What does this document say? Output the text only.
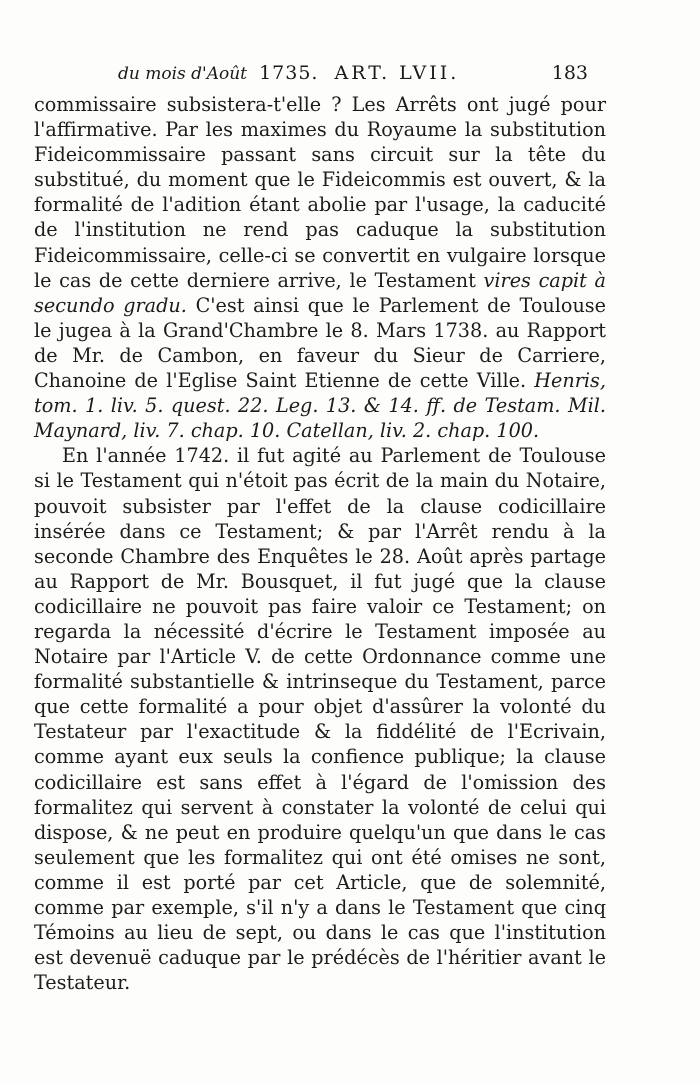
du mois d'Août 1735. ART. LVII.	183

commissaire subsistera-t'elle ? Les Arrêts ont jugé pour l'affirmative. Par les maximes du Royaume la substitution Fideicommissaire passant sans circuit sur la tête du substitué, du moment que le Fideicommis est ouvert, & la formalité de l'adition étant abolie par l'usage, la caducité de l'institution ne rend pas caduque la substitution Fideicommissaire, celle-ci se convertit en vulgaire lorsque le cas de cette derniere arrive, le Testament vires capit à secundo gradu. C'est ainsi que le Parlement de Toulouse le jugea à la Grand'Chambre le 8. Mars 1738. au Rapport de Mr. de Cambon, en faveur du Sieur de Carriere, Chanoine de l'Eglise Saint Etienne de cette Ville. Henris, tom. 1. liv. 5. quest. 22. Leg. 13. & 14. ff. de Testam. Mil. Maynard, liv. 7. chap. 10. Catellan, liv. 2. chap. 100.

En l'année 1742. il fut agité au Parlement de Toulouse si le Testament qui n'étoit pas écrit de la main du Notaire, pouvoit subsister par l'effet de la clause codicillaire insérée dans ce Testament; & par l'Arrêt rendu à la seconde Chambre des Enquêtes le 28. Août après partage au Rapport de Mr. Bousquet, il fut jugé que la clause codicillaire ne pouvoit pas faire valoir ce Testament; on regarda la nécessité d'écrire le Testament imposée au Notaire par l'Article V. de cette Ordonnance comme une formalité substantielle & intrinseque du Testament, parce que cette formalité a pour objet d'assûrer la volonté du Testateur par l'exactitude & la fiddélité de l'Ecrivain, comme ayant eux seuls la confience publique; la clause codicillaire est sans effet à l'égard de l'omission des formalitez qui servent à constater la volonté de celui qui dispose, & ne peut en produire quelqu'un que dans le cas seulement que les formalitez qui ont été omises ne sont, comme il est porté par cet Article, que de solemnité, comme par exemple, s'il n'y a dans le Testament que cinq Témoins au lieu de sept, ou dans le cas que l'institution est devenuë caduque par le prédécès de l'héritier avant le Testateur.
